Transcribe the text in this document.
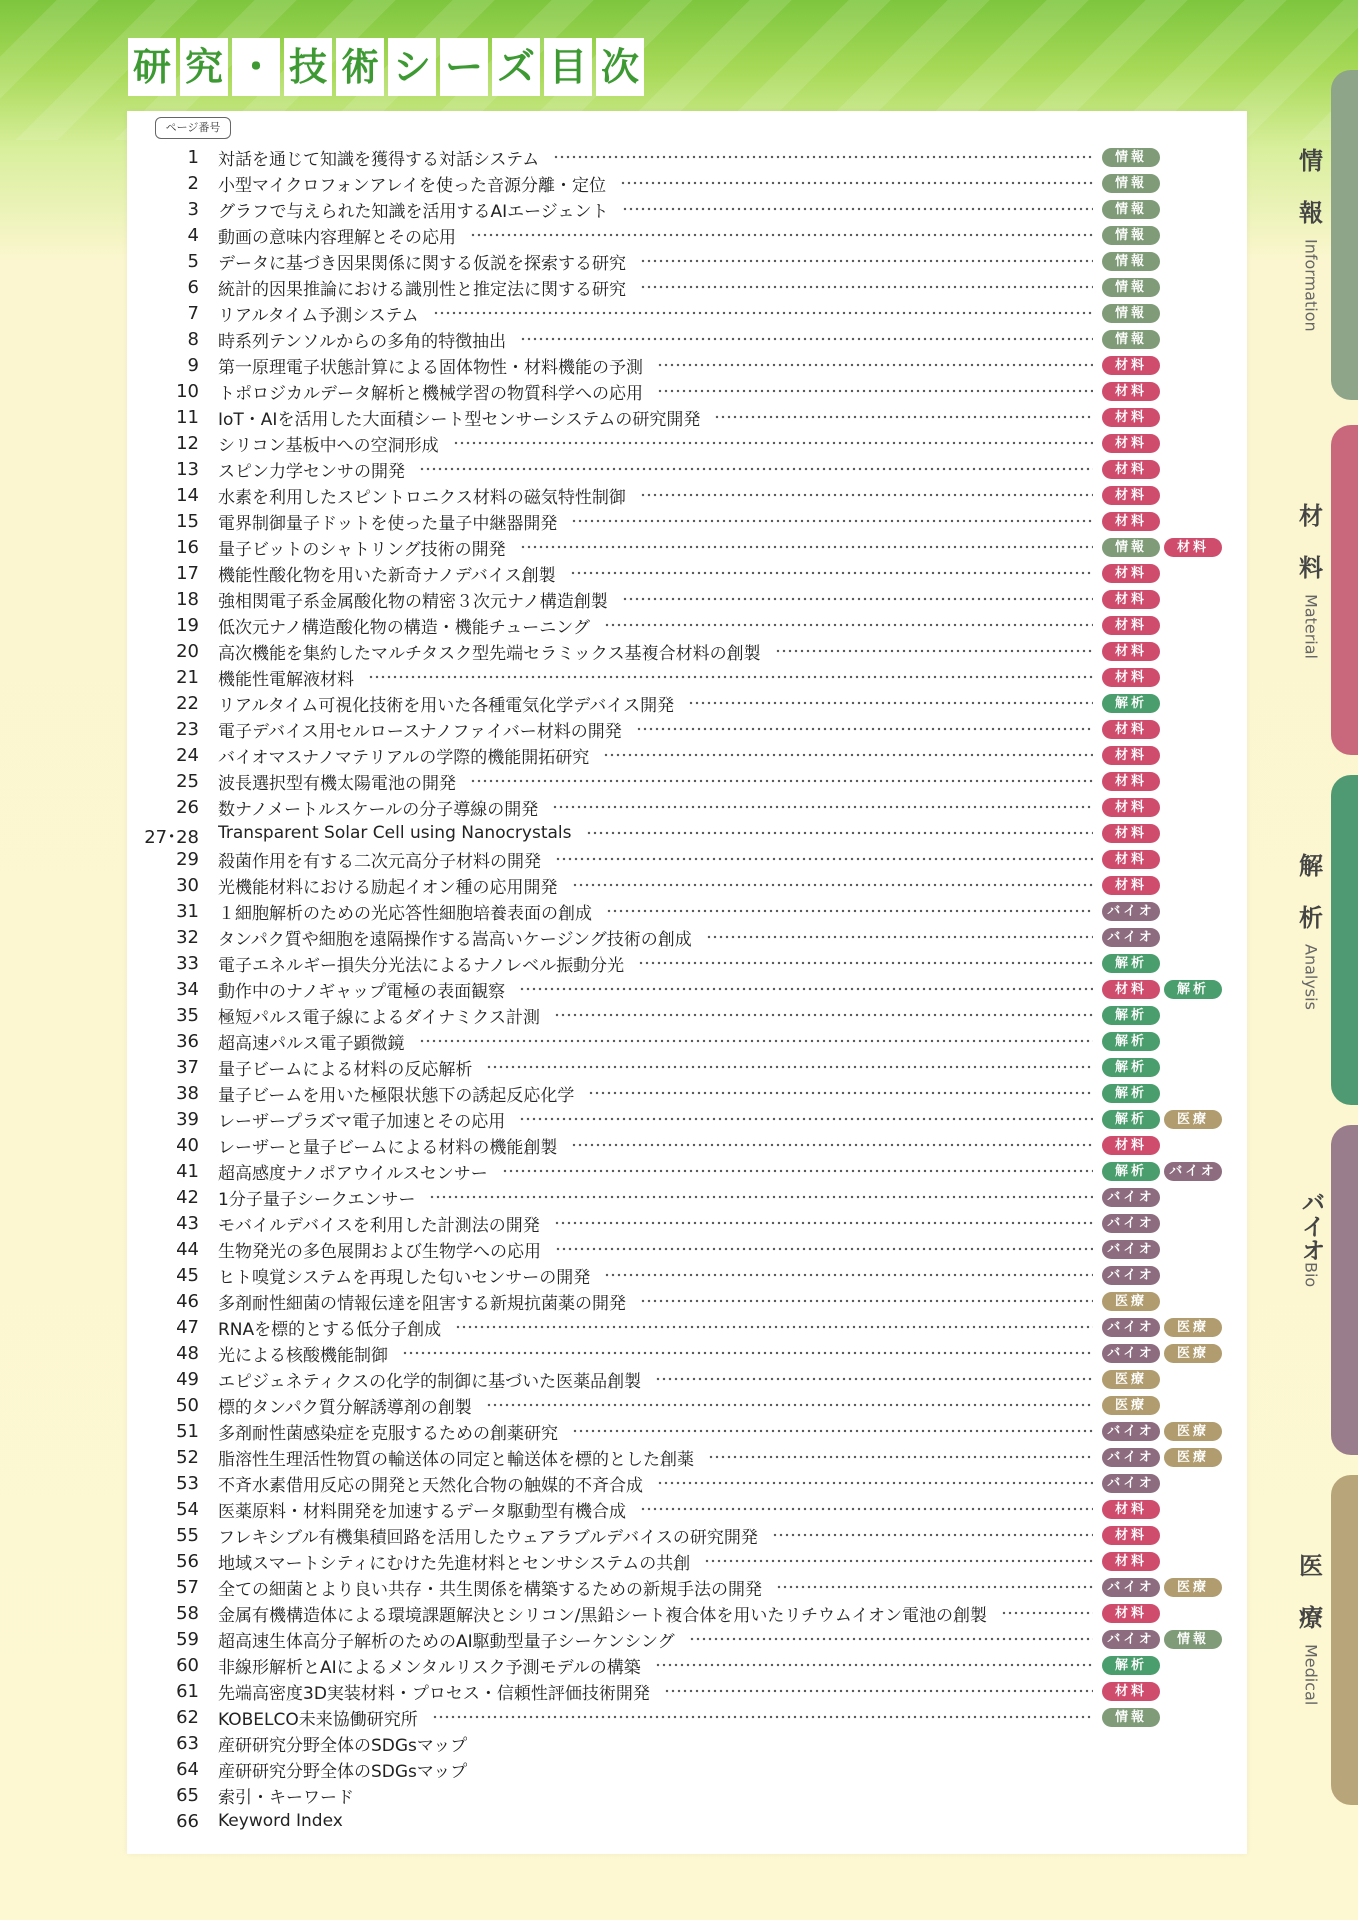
研 究 ・ 技 術 シ ー ズ 目 次
ページ番号
1 対話を通じて知識を獲得する対話システム	情報
2 小型マイクロフォンアレイを使った音源分離・定位	情報
3 グラフで与えられた知識を活用するAIエージェント	情報
4 動画の意味内容理解とその応用	情報
5 データに基づき因果関係に関する仮説を探索する研究	情報
6 統計的因果推論における識別性と推定法に関する研究	情報
7 リアルタイム予測システム	情報
8 時系列テンソルからの多角的特徴抽出	情報
9 第一原理電子状態計算による固体物性・材料機能の予測	材料
10 トポロジカルデータ解析と機械学習の物質科学への応用	材料
11 IoT・AIを活用した大面積シート型センサーシステムの研究開発	材料
12 シリコン基板中への空洞形成	材料
13 スピン力学センサの開発	材料
14 水素を利用したスピントロニクス材料の磁気特性制御	材料
15 電界制御量子ドットを使った量子中継器開発	材料
16 量子ビットのシャトリング技術の開発	情報	材料
17 機能性酸化物を用いた新奇ナノデバイス創製	材料
18 強相関電子系金属酸化物の精密３次元ナノ構造創製	材料
19 低次元ナノ構造酸化物の構造・機能チューニング	材料
20 高次機能を集約したマルチタスク型先端セラミックス基複合材料の創製	材料
21 機能性電解液材料	材料
22 リアルタイム可視化技術を用いた各種電気化学デバイス開発	解析
23 電子デバイス用セルロースナノファイバー材料の開発	材料
24 バイオマスナノマテリアルの学際的機能開拓研究	材料
25 波長選択型有機太陽電池の開発	材料
26 数ナノメートルスケールの分子導線の開発	材料
27･28 Transparent Solar Cell using Nanocrystals	材料
29 殺菌作用を有する二次元高分子材料の開発	材料
30 光機能材料における励起イオン種の応用開発	材料
31 １細胞解析のための光応答性細胞培養表面の創成	バイオ
32 タンパク質や細胞を遠隔操作する嵩高いケージング技術の創成	バイオ
33 電子エネルギー損失分光法によるナノレベル振動分光	解析
34 動作中のナノギャップ電極の表面観察	材料	解析
35 極短パルス電子線によるダイナミクス計測	解析
36 超高速パルス電子顕微鏡	解析
37 量子ビームによる材料の反応解析	解析
38 量子ビームを用いた極限状態下の誘起反応化学	解析
39 レーザープラズマ電子加速とその応用	解析	医療
40 レーザーと量子ビームによる材料の機能創製	材料
41 超高感度ナノポアウイルスセンサー	解析	バイオ
42 1分子量子シークエンサー	バイオ
43 モバイルデバイスを利用した計測法の開発	バイオ
44 生物発光の多色展開および生物学への応用	バイオ
45 ヒト嗅覚システムを再現した匂いセンサーの開発	バイオ
46 多剤耐性細菌の情報伝達を阻害する新規抗菌薬の開発	医療
47 RNAを標的とする低分子創成	バイオ	医療
48 光による核酸機能制御	バイオ	医療
49 エピジェネティクスの化学的制御に基づいた医薬品創製	医療
50 標的タンパク質分解誘導剤の創製	医療
51 多剤耐性菌感染症を克服するための創薬研究	バイオ	医療
52 脂溶性生理活性物質の輸送体の同定と輸送体を標的とした創薬	バイオ	医療
53 不斉水素借用反応の開発と天然化合物の触媒的不斉合成	バイオ
54 医薬原料・材料開発を加速するデータ駆動型有機合成	材料
55 フレキシブル有機集積回路を活用したウェアラブルデバイスの研究開発	材料
56 地域スマートシティにむけた先進材料とセンサシステムの共創	材料
57 全ての細菌とより良い共存・共生関係を構築するための新規手法の開発	バイオ	医療
58 金属有機構造体による環境課題解決とシリコン/黒鉛シート複合体を用いたリチウムイオン電池の創製	材料
59 超高速生体高分子解析のためのAI駆動型量子シーケンシング	バイオ	情報
60 非線形解析とAIによるメンタルリスク予測モデルの構築	解析
61 先端高密度3D実装材料・プロセス・信頼性評価技術開発	材料
62 KOBELCO未来協働研究所	情報
63 産研研究分野全体のSDGsマップ
64 産研研究分野全体のSDGsマップ
65 索引・キーワード
66 Keyword Index
情
報
Information
材
料
Material
解
析
Analysis
バイオ
Bio
医
療
Medical
